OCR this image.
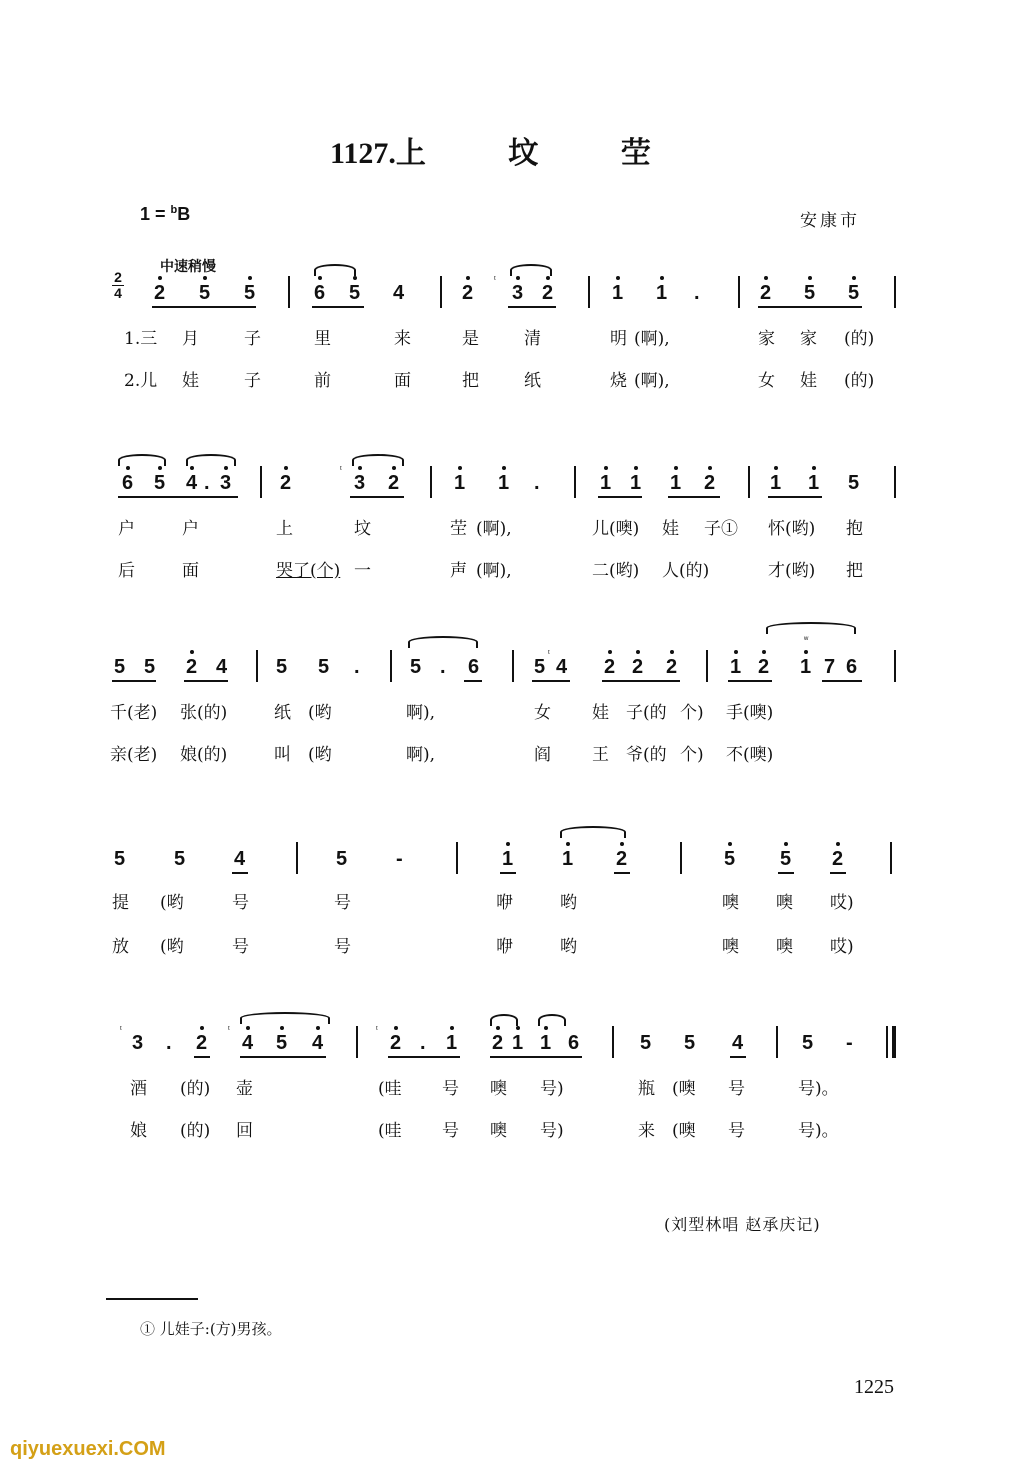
1127.上 坟 茔
1 = $^b$B	安康市
中速稍慢
2
4 2 5 5	6 5 4	2
ᵗ
3 2	1 1 .	2 5 5
1.三 月	子	里	来	是	清	明 (啊),	家 家 (的)
2.儿 娃	子	前	面	把	纸	烧 (啊),	女 娃 (的)
6 5 4 . 3 2
ᵗ
3 2	1 1 .	1 1 1 2	1 1 5
户	户	上	坟	茔 (啊),	儿(噢) 娃 子① 怀(哟) 抱
后	面	哭了(个) 一	声 (啊),	二(哟) 人(的)	才(哟) 把
5 5 2 4 5 5 .	5 . 6	5
ᵗ
4 2 2 2	1 2
ʷ
1 7 6
千(老) 张(的)	纸 (哟	啊),	女 娃 子(的 个) 手(噢)
亲(老) 娘(的)	叫 (哟	啊),	阎 王 爷(的 个) 不(噢)
5 5 4	5 -	1 1 2	5 5 2
提 (哟	号	号	咿	哟	噢 噢 哎)
放 (哟	号	号	咿	哟	噢 噢 哎)
ᵗ
3 . 2
ᵗ
4 5 4
ᵗ
2 . 1 2 1 1 6	5 5 4	5 -
酒 (的) 壶	(哇 号 噢 号)	瓶 (噢 号	号)。
娘 (的) 回	(哇 号 噢 号)	来 (噢 号	号)。
(刘型林唱 赵承庆记)
① 儿娃子:(方)男孩。
1225
qiyuexuexi.COM
